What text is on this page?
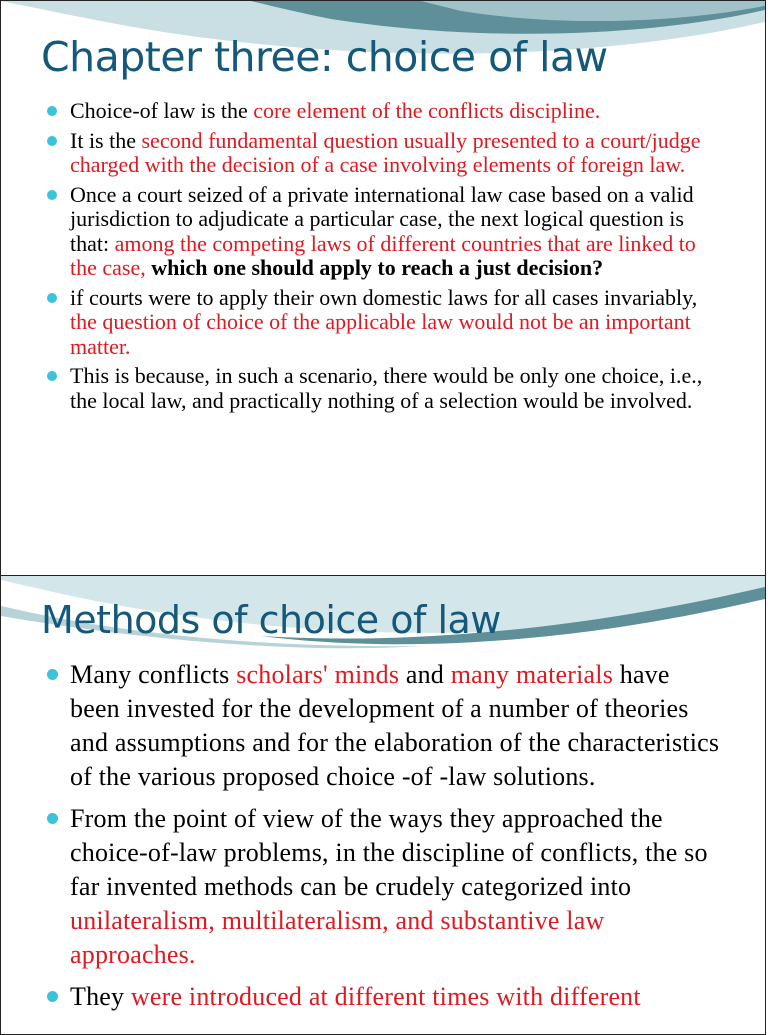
Chapter three: choice of law
Choice-of law is the core element of the conflicts discipline.
It is the second fundamental question usually presented to a court/judge charged with the decision of a case involving elements of foreign law.
Once a court seized of a private international law case based on a valid jurisdiction to adjudicate a particular case, the next logical question is that: among the competing laws of different countries that are linked to the case, which one should apply to reach a just decision?
if courts were to apply their own domestic laws for all cases invariably, the question of choice of the applicable law would not be an important matter.
This is because, in such a scenario, there would be only one choice, i.e., the local law, and practically nothing of a selection would be involved.
Methods of choice of law
Many conflicts scholars' minds and many materials have been invested for the development of a number of theories and assumptions and for the elaboration of the characteristics of the various proposed choice -of -law solutions.
From the point of view of the ways they approached the choice-of-law problems, in the discipline of conflicts, the so far invented methods can be crudely categorized into unilateralism, multilateralism, and substantive law approaches.
They were introduced at different times with different
